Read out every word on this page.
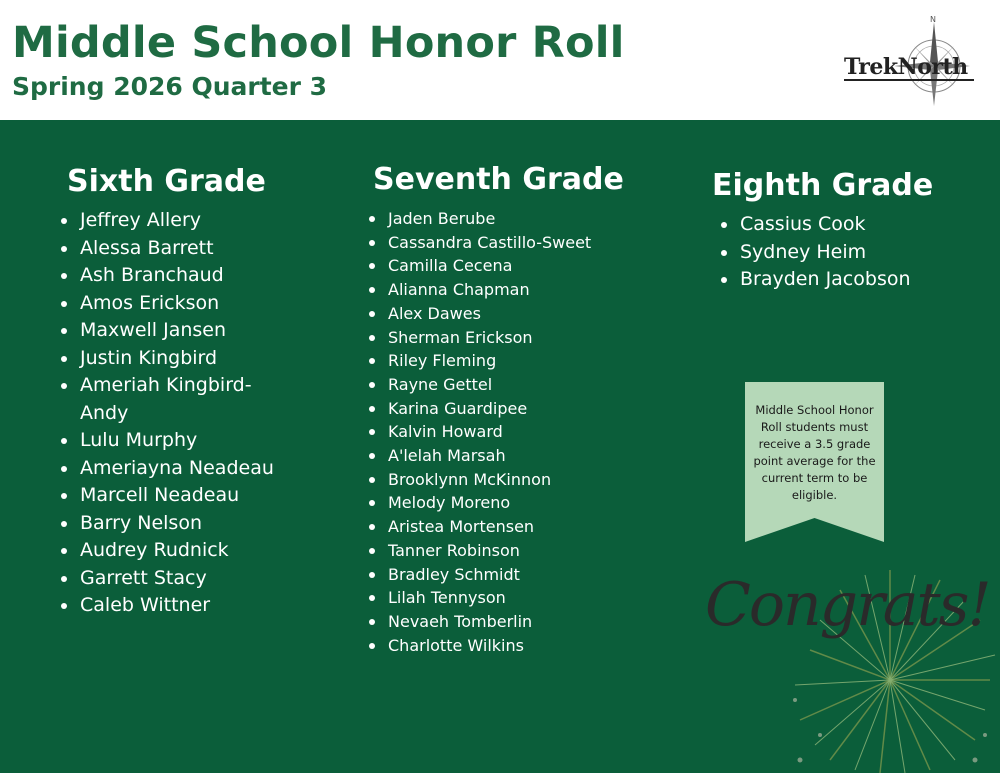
Middle School Honor Roll
Spring 2026 Quarter 3
N
TrekNorth
Sixth Grade
Jeffrey Allery
Alessa Barrett
Ash Branchaud
Amos Erickson
Maxwell Jansen
Justin Kingbird
Ameriah Kingbird-Andy
Lulu Murphy
Ameriayna Neadeau
Marcell Neadeau
Barry Nelson
Audrey Rudnick
Garrett Stacy
Caleb Wittner
Seventh Grade
Jaden Berube
Cassandra Castillo-Sweet
Camilla Cecena
Alianna Chapman
Alex Dawes
Sherman Erickson
Riley Fleming
Rayne Gettel
Karina Guardipee
Kalvin Howard
A'lelah Marsah
Brooklynn McKinnon
Melody Moreno
Aristea Mortensen
Tanner Robinson
Bradley Schmidt
Lilah Tennyson
Nevaeh Tomberlin
Charlotte Wilkins
Eighth Grade
Cassius Cook
Sydney Heim
Brayden Jacobson
Middle School Honor Roll students must receive a 3.5 grade point average for the current term to be eligible.
Congrats!
